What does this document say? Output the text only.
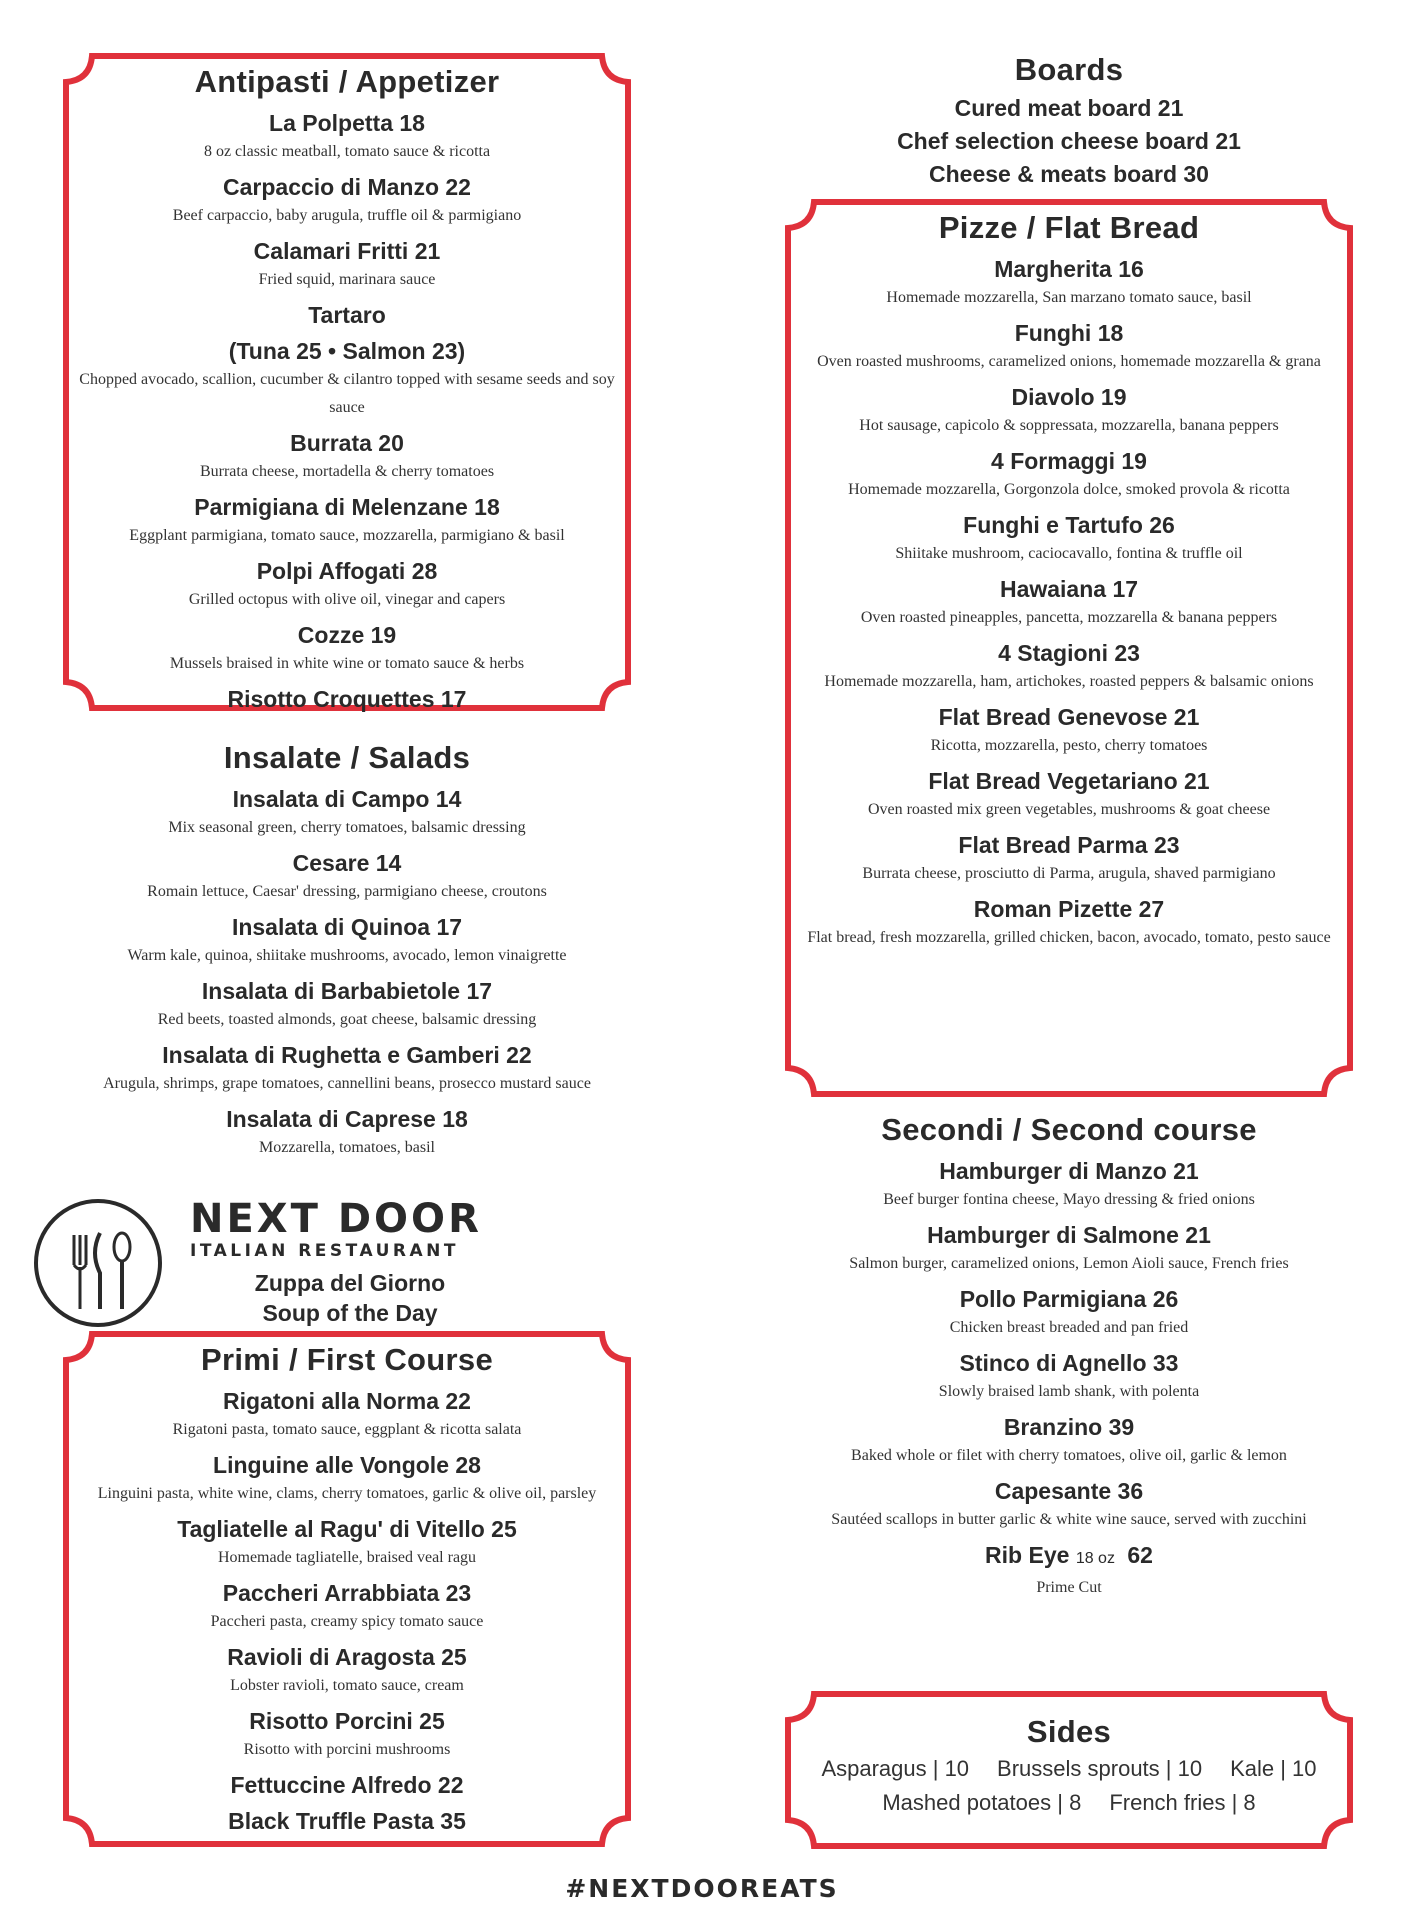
Antipasti / Appetizer
La Polpetta 18
8 oz classic meatball, tomato sauce & ricotta
Carpaccio di Manzo 22
Beef carpaccio, baby arugula, truffle oil & parmigiano
Calamari Fritti 21
Fried squid, marinara sauce
Tartaro
(Tuna 25 • Salmon 23)
Chopped avocado, scallion, cucumber & cilantro topped with sesame seeds and soy sauce
Burrata 20
Burrata cheese, mortadella & cherry tomatoes
Parmigiana di Melenzane 18
Eggplant parmigiana, tomato sauce, mozzarella, parmigiano & basil
Polpi Affogati 28
Grilled octopus with olive oil, vinegar and capers
Cozze 19
Mussels braised in white wine or tomato sauce & herbs
Risotto Croquettes 17
Insalate / Salads
Insalata di Campo 14
Mix seasonal green, cherry tomatoes, balsamic dressing
Cesare 14
Romain lettuce, Caesar' dressing, parmigiano cheese, croutons
Insalata di Quinoa 17
Warm kale, quinoa, shiitake mushrooms, avocado, lemon vinaigrette
Insalata di Barbabietole 17
Red beets, toasted almonds, goat cheese, balsamic dressing
Insalata di Rughetta e Gamberi 22
Arugula, shrimps, grape tomatoes, cannellini beans, prosecco mustard sauce
Insalata di Caprese 18
Mozzarella, tomatoes, basil
NEXT DOOR
ITALIAN RESTAURANT
Zuppa del Giorno
Soup of the Day
Primi / First Course
Rigatoni alla Norma 22
Rigatoni pasta, tomato sauce, eggplant & ricotta salata
Linguine alle Vongole 28
Linguini pasta, white wine, clams, cherry tomatoes, garlic & olive oil, parsley
Tagliatelle al Ragu' di Vitello 25
Homemade tagliatelle, braised veal ragu
Paccheri Arrabbiata 23
Paccheri pasta, creamy spicy tomato sauce
Ravioli di Aragosta 25
Lobster ravioli, tomato sauce, cream
Risotto Porcini 25
Risotto with porcini mushrooms
Fettuccine Alfredo 22
Black Truffle Pasta 35
Boards
Cured meat board 21
Chef selection cheese board 21
Cheese & meats board 30
Pizze / Flat Bread
Margherita 16
Homemade mozzarella, San marzano tomato sauce, basil
Funghi 18
Oven roasted mushrooms, caramelized onions, homemade mozzarella & grana
Diavolo 19
Hot sausage, capicolo & soppressata, mozzarella, banana peppers
4 Formaggi 19
Homemade mozzarella, Gorgonzola dolce, smoked provola & ricotta
Funghi e Tartufo 26
Shiitake mushroom, caciocavallo, fontina & truffle oil
Hawaiana 17
Oven roasted pineapples, pancetta, mozzarella & banana peppers
4 Stagioni 23
Homemade mozzarella, ham, artichokes, roasted peppers & balsamic onions
Flat Bread Genevose 21
Ricotta, mozzarella, pesto, cherry tomatoes
Flat Bread Vegetariano 21
Oven roasted mix green vegetables, mushrooms & goat cheese
Flat Bread Parma 23
Burrata cheese, prosciutto di Parma, arugula, shaved parmigiano
Roman Pizette 27
Flat bread, fresh mozzarella, grilled chicken, bacon, avocado, tomato, pesto sauce
Secondi / Second course
Hamburger di Manzo 21
Beef burger fontina cheese, Mayo dressing & fried onions
Hamburger di Salmone 21
Salmon burger, caramelized onions, Lemon Aioli sauce, French fries
Pollo Parmigiana 26
Chicken breast breaded and pan fried
Stinco di Agnello 33
Slowly braised lamb shank, with polenta
Branzino 39
Baked whole or filet with cherry tomatoes, olive oil, garlic & lemon
Capesante 36
Sautéed scallops in butter garlic & white wine sauce, served with zucchini
Rib Eye 18 oz 62
Prime Cut
Sides
Asparagus | 10 Brussels sprouts | 10 Kale | 10
Mashed potatoes | 8 French fries | 8
#NEXTDOOREATS
